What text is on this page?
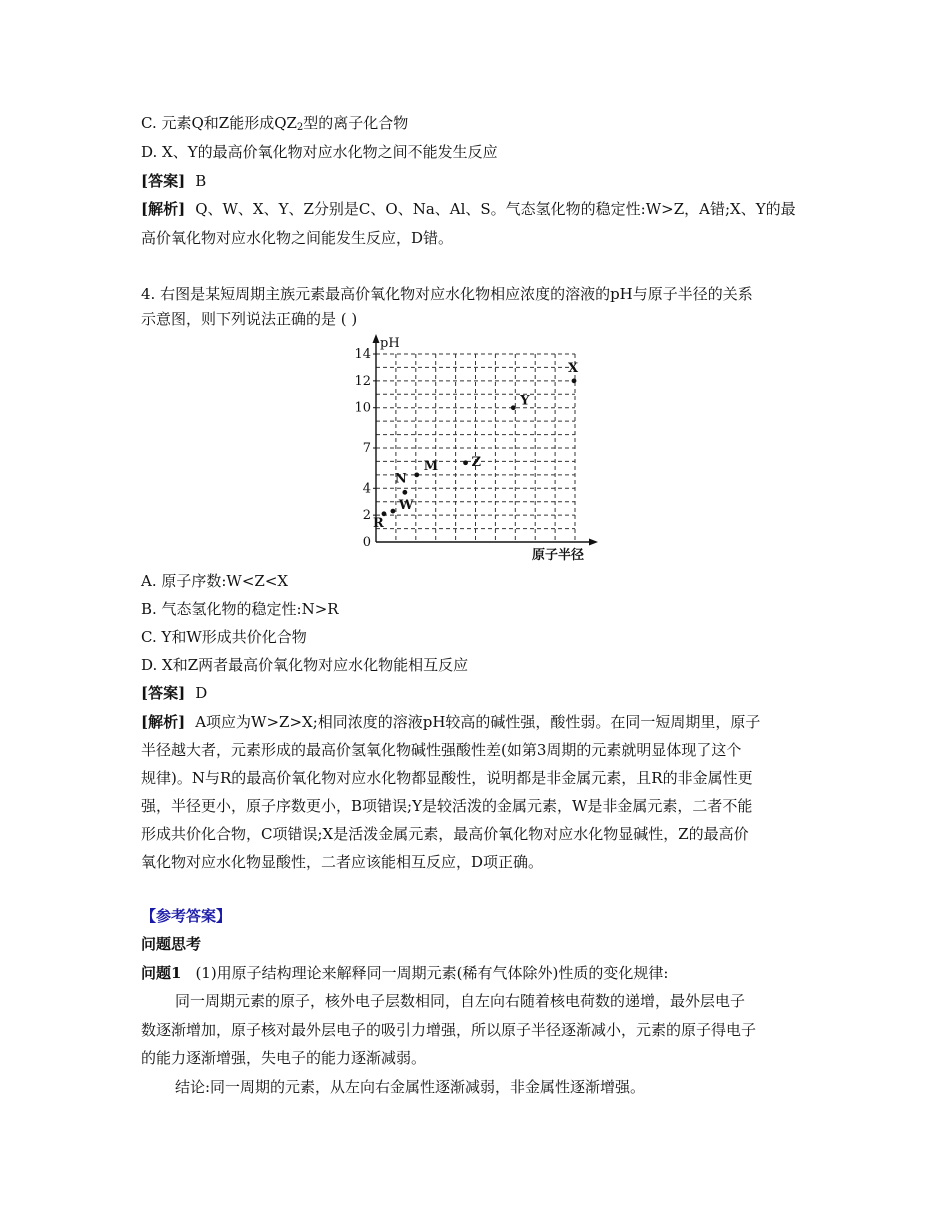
C. 元素Q和Z能形成$QZ_2$型的离子化合物
D. X、Y的最高价氧化物对应水化物之间不能发生反应
[答案] B
[解析] Q、W、X、Y、Z分别是C、O、Na、Al、S。气态氢化物的稳定性:W>Z，A错;X、Y的最
高价氧化物对应水化物之间能发生反应，D错。
4. 右图是某短周期主族元素最高价氧化物对应水化物相应浓度的溶液的pH与原子半径的关系
示意图，则下列说法正确的是 ( )
0
2
4
7
10
12
14
pH
原子半径
R
W
N
M	Z
Y
X
A. 原子序数:W<Z<X
B. 气态氢化物的稳定性:N>R
C. Y和W形成共价化合物
D. X和Z两者最高价氧化物对应水化物能相互反应
[答案] D
[解析] A项应为W>Z>X;相同浓度的溶液pH较高的碱性强，酸性弱。在同一短周期里，原子
半径越大者，元素形成的最高价氢氧化物碱性强酸性差(如第3周期的元素就明显体现了这个
规律)。N与R的最高价氧化物对应水化物都显酸性，说明都是非金属元素，且R的非金属性更
强，半径更小，原子序数更小，B项错误;Y是较活泼的金属元素，W是非金属元素，二者不能
形成共价化合物，C项错误;X是活泼金属元素，最高价氧化物对应水化物显碱性，Z的最高价
氧化物对应水化物显酸性，二者应该能相互反应，D项正确。
【参考答案】
问题思考
问题1 (1)用原子结构理论来解释同一周期元素(稀有气体除外)性质的变化规律:
同一周期元素的原子，核外电子层数相同，自左向右随着核电荷数的递增，最外层电子
数逐渐增加，原子核对最外层电子的吸引力增强，所以原子半径逐渐减小，元素的原子得电子
的能力逐渐增强，失电子的能力逐渐减弱。
结论:同一周期的元素，从左向右金属性逐渐减弱，非金属性逐渐增强。
